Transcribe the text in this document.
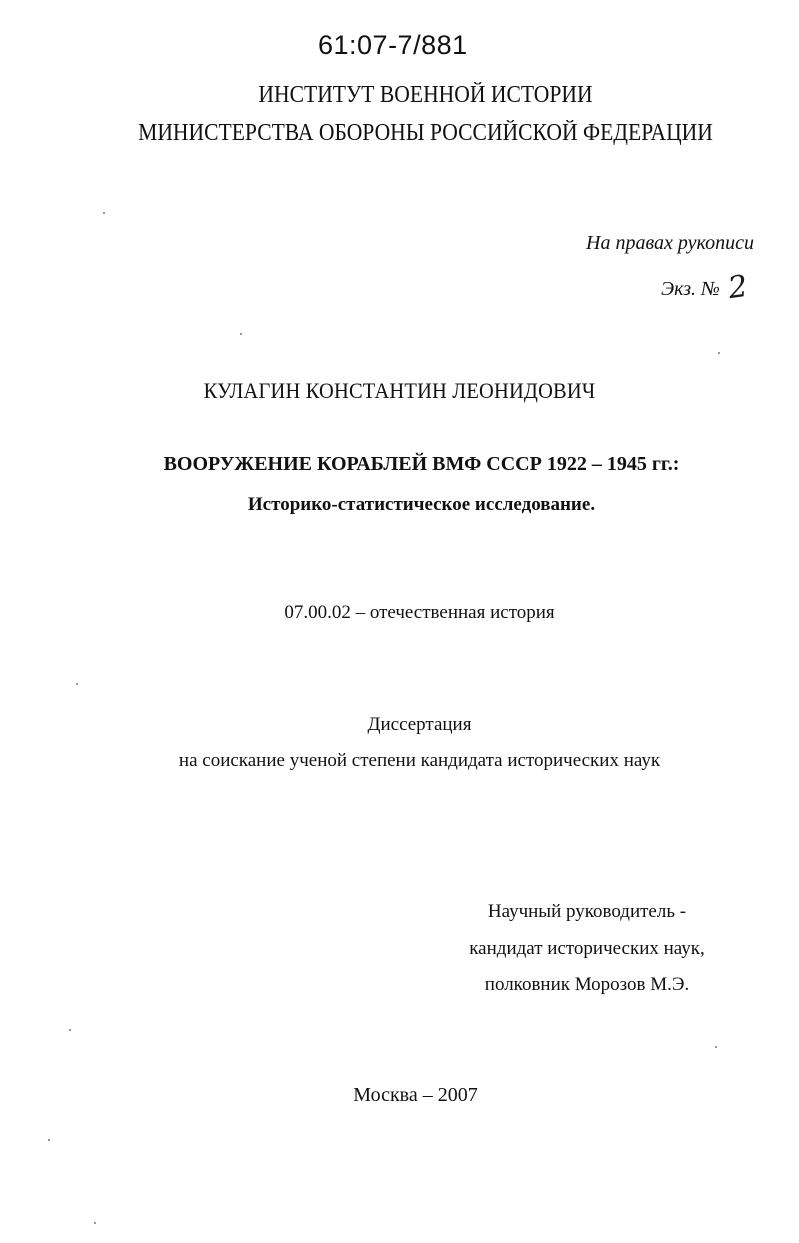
61:07-7/881

ИНСТИТУТ ВОЕННОЙ ИСТОРИИ

МИНИСТЕРСТВА ОБОРОНЫ РОССИЙСКОЙ ФЕДЕРАЦИИ

На правах рукописи

Экз. № 2

КУЛАГИН КОНСТАНТИН ЛЕОНИДОВИЧ

ВООРУЖЕНИЕ КОРАБЛЕЙ ВМФ СССР 1922 – 1945 гг.:

Историко-статистическое исследование.

07.00.02 – отечественная история

Диссертация

на соискание ученой степени кандидата исторических наук

Научный руководитель -

кандидат исторических наук,

полковник Морозов М.Э.

Москва – 2007
